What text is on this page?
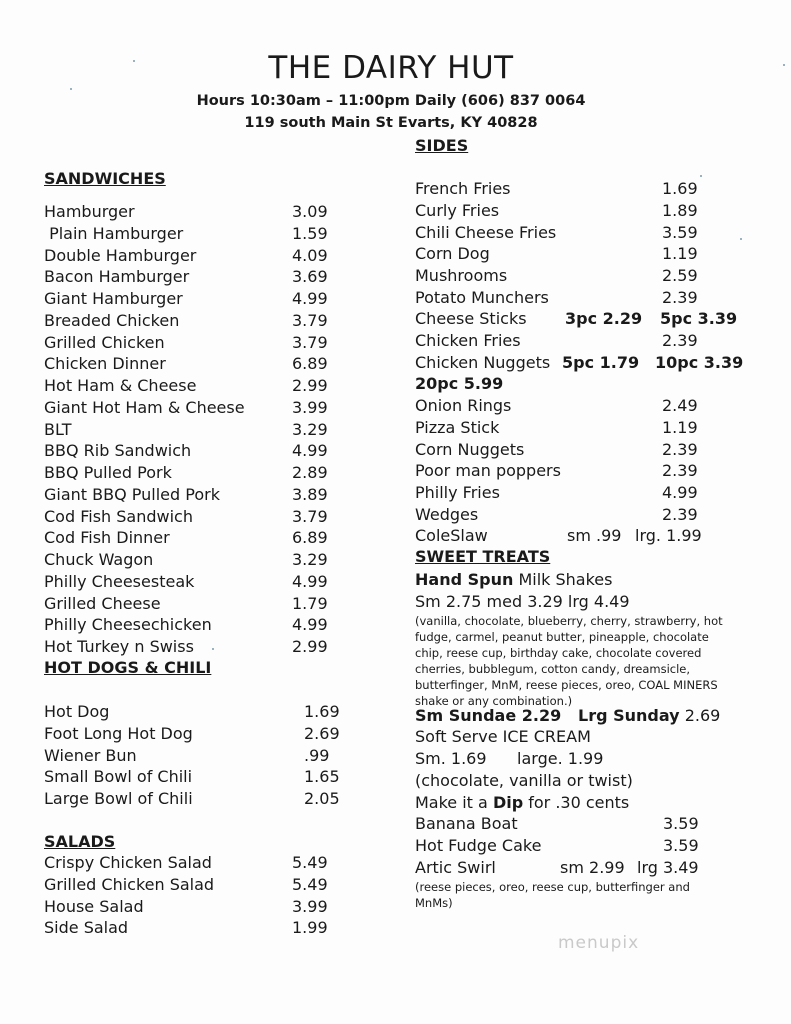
THE DAIRY HUT
Hours 10:30am – 11:00pm Daily (606) 837 0064
119 south Main St Evarts, KY 40828
SANDWICHES
Hamburger	3.09
Plain Hamburger	1.59
Double Hamburger	4.09
Bacon Hamburger	3.69
Giant Hamburger	4.99
Breaded Chicken	3.79
Grilled Chicken	3.79
Chicken Dinner	6.89
Hot Ham & Cheese	2.99
Giant Hot Ham & Cheese	3.99
BLT	3.29
BBQ Rib Sandwich	4.99
BBQ Pulled Pork	2.89
Giant BBQ Pulled Pork	3.89
Cod Fish Sandwich	3.79
Cod Fish Dinner	6.89
Chuck Wagon	3.29
Philly Cheesesteak	4.99
Grilled Cheese	1.79
Philly Cheesechicken	4.99
Hot Turkey n Swiss	2.99
HOT DOGS & CHILI
Hot Dog	1.69
Foot Long Hot Dog	2.69
Wiener Bun	.99
Small Bowl of Chili	1.65
Large Bowl of Chili	2.05
SALADS
Crispy Chicken Salad	5.49
Grilled Chicken Salad	5.49
House Salad	3.99
Side Salad	1.99
SIDES
French Fries	1.69
Curly Fries	1.89
Chili Cheese Fries	3.59
Corn Dog	1.19
Mushrooms	2.59
Potato Munchers	2.39
Cheese Sticks 3pc 2.29 5pc 3.39
Chicken Fries	2.39
Chicken Nuggets 5pc 1.79 10pc 3.39
20pc 5.99
Onion Rings	2.49
Pizza Stick	1.19
Corn Nuggets	2.39
Poor man poppers	2.39
Philly Fries	4.99
Wedges	2.39
ColeSlaw	sm .99 lrg. 1.99
SWEET TREATS
Hand Spun Milk Shakes
Sm 2.75 med 3.29 lrg 4.49
(vanilla, chocolate, blueberry, cherry, strawberry, hot fudge, carmel, peanut butter, pineapple, chocolate chip, reese cup, birthday cake, chocolate covered cherries, bubblegum, cotton candy, dreamsicle, butterfinger, MnM, reese pieces, oreo, COAL MINERS shake or any combination.)
Sm Sundae 2.29 Lrg Sunday 2.69
Soft Serve ICE CREAM
Sm. 1.69      large. 1.99
(chocolate, vanilla or twist)
Make it a Dip for .30 cents
Banana Boat	3.59
Hot Fudge Cake	3.59
Artic Swirl	sm 2.99 lrg 3.49
(reese pieces, oreo, reese cup, butterfinger and MnMs)
menupix
